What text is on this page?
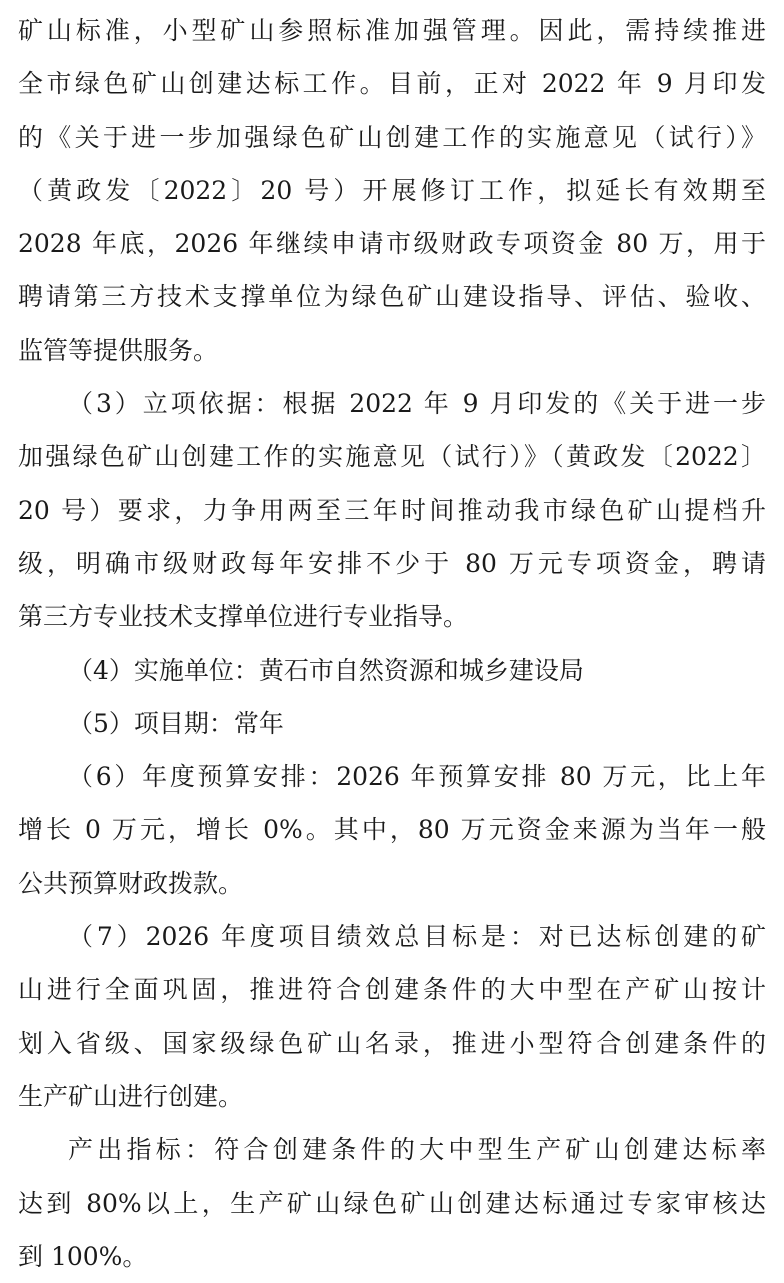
矿山标准，小型矿山参照标准加强管理。因此，需持续推进
全市绿色矿山创建达标工作。目前，正对 2022 年 9 月印发
的《关于进一步加强绿色矿山创建工作的实施意见（试行）》
（黄政发〔2022〕20 号）开展修订工作，拟延长有效期至
2028 年底，2026 年继续申请市级财政专项资金 80 万，用于
聘请第三方技术支撑单位为绿色矿山建设指导、评估、验收、
监管等提供服务。
（3）立项依据：根据 2022 年 9 月印发的《关于进一步
加强绿色矿山创建工作的实施意见（试行）》（黄政发〔2022〕
20 号）要求，力争用两至三年时间推动我市绿色矿山提档升
级，明确市级财政每年安排不少于 80 万元专项资金，聘请
第三方专业技术支撑单位进行专业指导。
（4）实施单位：黄石市自然资源和城乡建设局
（5）项目期：常年
（6）年度预算安排：2026 年预算安排 80 万元，比上年
增长 0 万元，增长 0%。其中，80 万元资金来源为当年一般
公共预算财政拨款。
（7）2026 年度项目绩效总目标是：对已达标创建的矿
山进行全面巩固，推进符合创建条件的大中型在产矿山按计
划入省级、国家级绿色矿山名录，推进小型符合创建条件的
生产矿山进行创建。
产出指标：符合创建条件的大中型生产矿山创建达标率
达到 80%以上，生产矿山绿色矿山创建达标通过专家审核达
到 100%。
